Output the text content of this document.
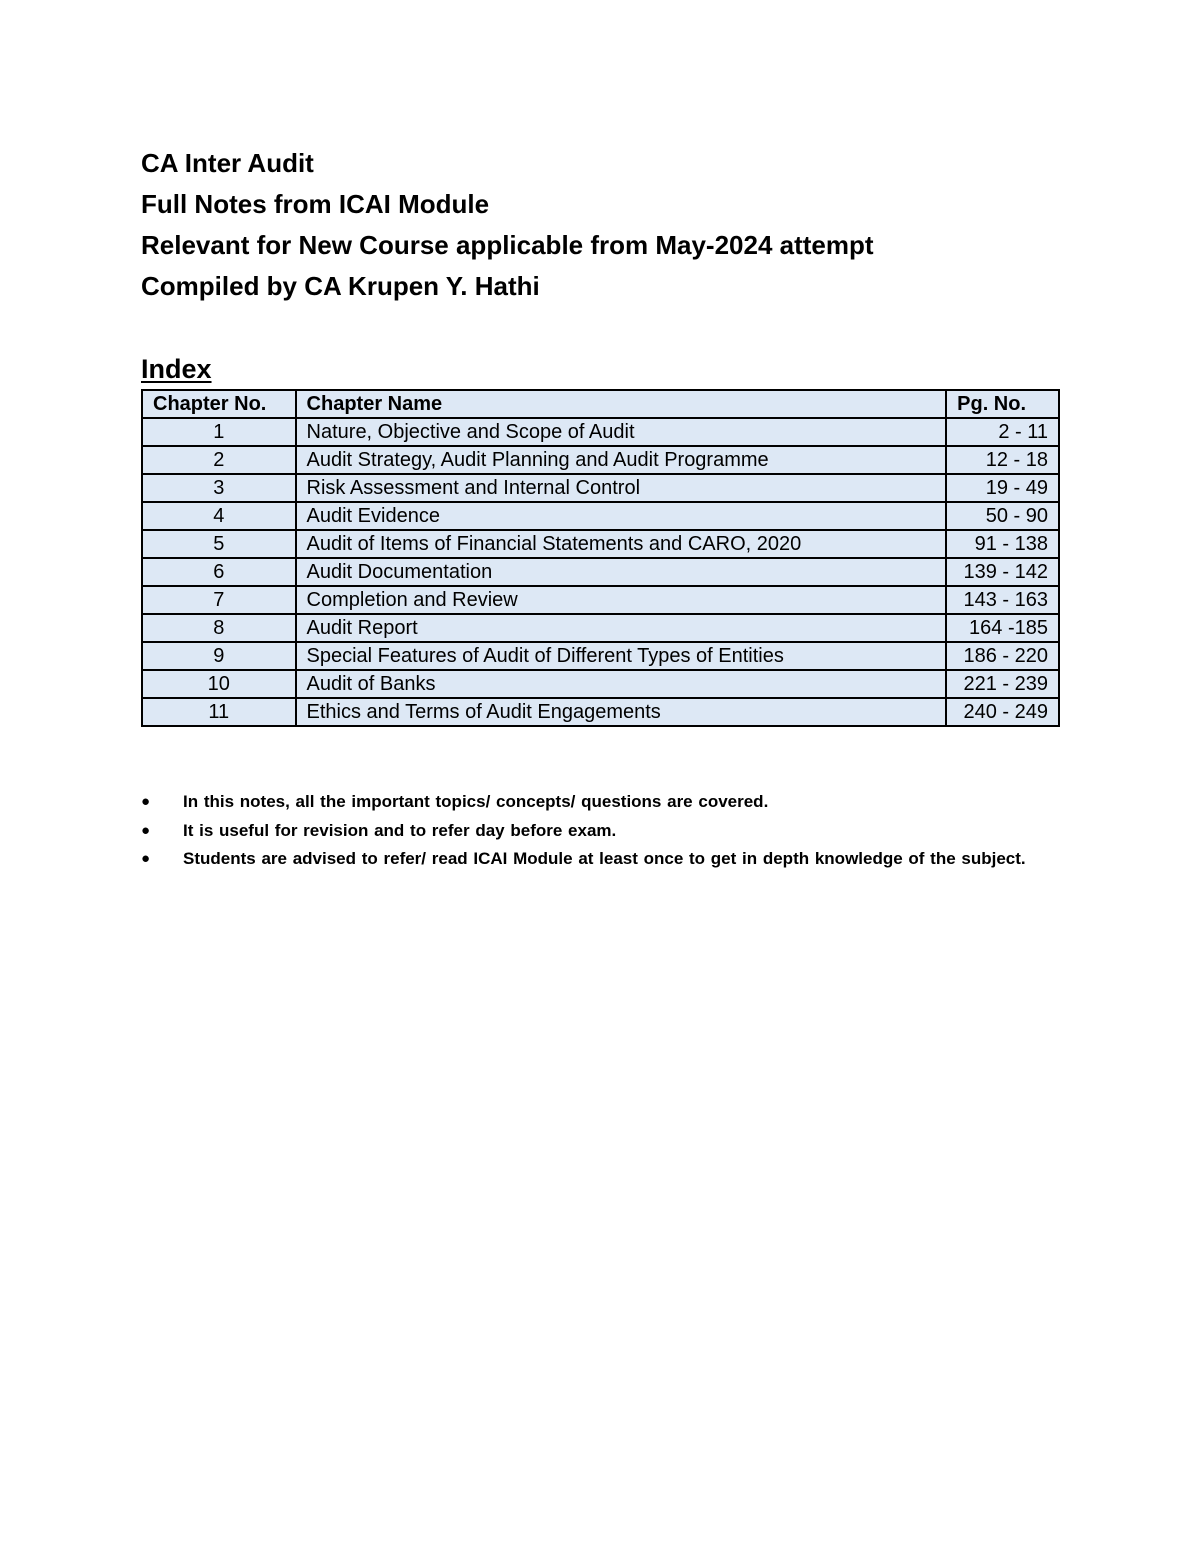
CA Inter Audit
Full Notes from ICAI Module
Relevant for New Course applicable from May-2024 attempt
Compiled by CA Krupen Y. Hathi
Index
Chapter No.	Chapter Name	Pg. No.
1	Nature, Objective and Scope of Audit	2 - 11
2	Audit Strategy, Audit Planning and Audit Programme	12 - 18
3	Risk Assessment and Internal Control	19 - 49
4	Audit Evidence	50 - 90
5	Audit of Items of Financial Statements and CARO, 2020	91 - 138
6	Audit Documentation	139 - 142
7	Completion and Review	143 - 163
8	Audit Report	164 -185
9	Special Features of Audit of Different Types of Entities	186 - 220
10	Audit of Banks	221 - 239
11	Ethics and Terms of Audit Engagements	240 - 249
● In this notes, all the important topics/ concepts/ questions are covered.
● It is useful for revision and to refer day before exam.
● Students are advised to refer/ read ICAI Module at least once to get in depth knowledge of the subject.
